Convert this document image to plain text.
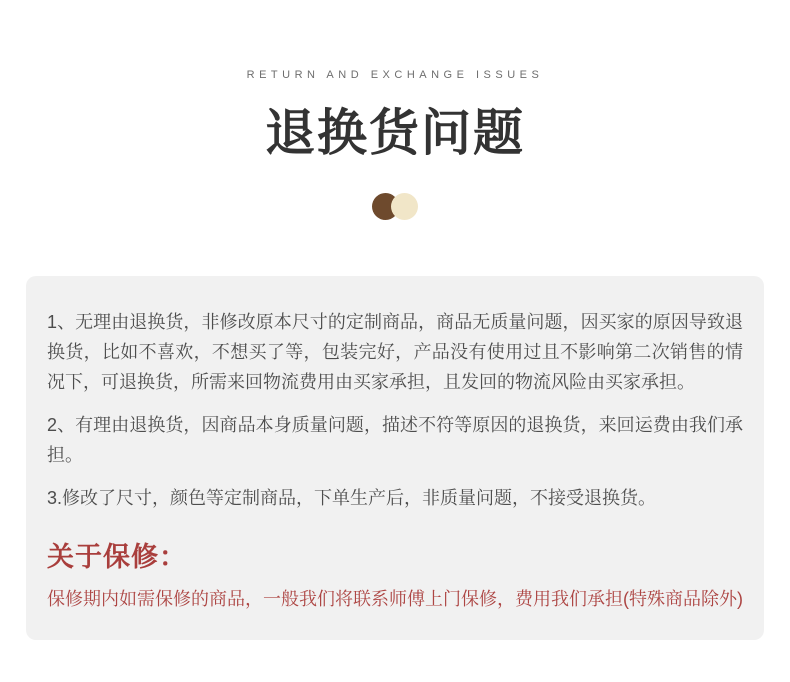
RETURN AND EXCHANGE ISSUES
退换货问题

1、无理由退换货，非修改原本尺寸的定制商品，商品无质量问题，因买家的原因导致退换货，比如不喜欢，不想买了等，包装完好，产品没有使用过且不影响第二次销售的情况下，可退换货，所需来回物流费用由买家承担，且发回的物流风险由买家承担。

2、有理由退换货，因商品本身质量问题，描述不符等原因的退换货，来回运费由我们承担。

3.修改了尺寸，颜色等定制商品，下单生产后，非质量问题，不接受退换货。

关于保修：

保修期内如需保修的商品，一般我们将联系师傅上门保修，费用我们承担(特殊商品除外)
